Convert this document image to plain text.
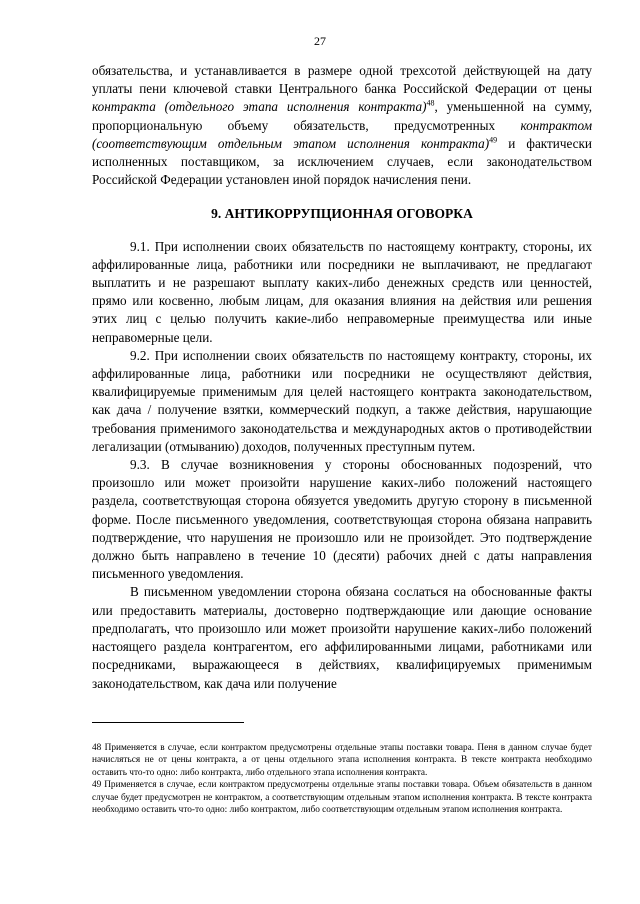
27

обязательства, и устанавливается в размере одной трехсотой действующей на дату уплаты пени ключевой ставки Центрального банка Российской Федерации от цены контракта (отдельного этапа исполнения контракта)$^{48}$, уменьшенной на сумму, пропорциональную объему обязательств, предусмотренных контрактом (соответствующим отдельным этапом исполнения контракта)$^{49}$ и фактически исполненных поставщиком, за исключением случаев, если законодательством Российской Федерации установлен иной порядок начисления пени.

9. АНТИКОРРУПЦИОННАЯ ОГОВОРКА

9.1. При исполнении своих обязательств по настоящему контракту, стороны, их аффилированные лица, работники или посредники не выплачивают, не предлагают выплатить и не разрешают выплату каких-либо денежных средств или ценностей, прямо или косвенно, любым лицам, для оказания влияния на действия или решения этих лиц с целью получить какие-либо неправомерные преимущества или иные неправомерные цели.

9.2. При исполнении своих обязательств по настоящему контракту, стороны, их аффилированные лица, работники или посредники не осуществляют действия, квалифицируемые применимым для целей настоящего контракта законодательством, как дача / получение взятки, коммерческий подкуп, а также действия, нарушающие требования применимого законодательства и международных актов о противодействии легализации (отмыванию) доходов, полученных преступным путем.

9.3. В случае возникновения у стороны обоснованных подозрений, что произошло или может произойти нарушение каких-либо положений настоящего раздела, соответствующая сторона обязуется уведомить другую сторону в письменной форме. После письменного уведомления, соответствующая сторона обязана направить подтверждение, что нарушения не произошло или не произойдет. Это подтверждение должно быть направлено в течение 10 (десяти) рабочих дней с даты направления письменного уведомления.

В письменном уведомлении сторона обязана сослаться на обоснованные факты или предоставить материалы, достоверно подтверждающие или дающие основание предполагать, что произошло или может произойти нарушение каких-либо положений настоящего раздела контрагентом, его аффилированными лицами, работниками или посредниками, выражающееся в действиях, квалифицируемых применимым законодательством, как дача или получение

48 Применяется в случае, если контрактом предусмотрены отдельные этапы поставки товара. Пеня в данном случае будет начисляться не от цены контракта, а от цены отдельного этапа исполнения контракта. В тексте контракта необходимо оставить что-то одно: либо контракта, либо отдельного этапа исполнения контракта.

49 Применяется в случае, если контрактом предусмотрены отдельные этапы поставки товара. Объем обязательств в данном случае будет предусмотрен не контрактом, а соответствующим отдельным этапом исполнения контракта. В тексте контракта необходимо оставить что-то одно: либо контрактом, либо соответствующим отдельным этапом исполнения контракта.
